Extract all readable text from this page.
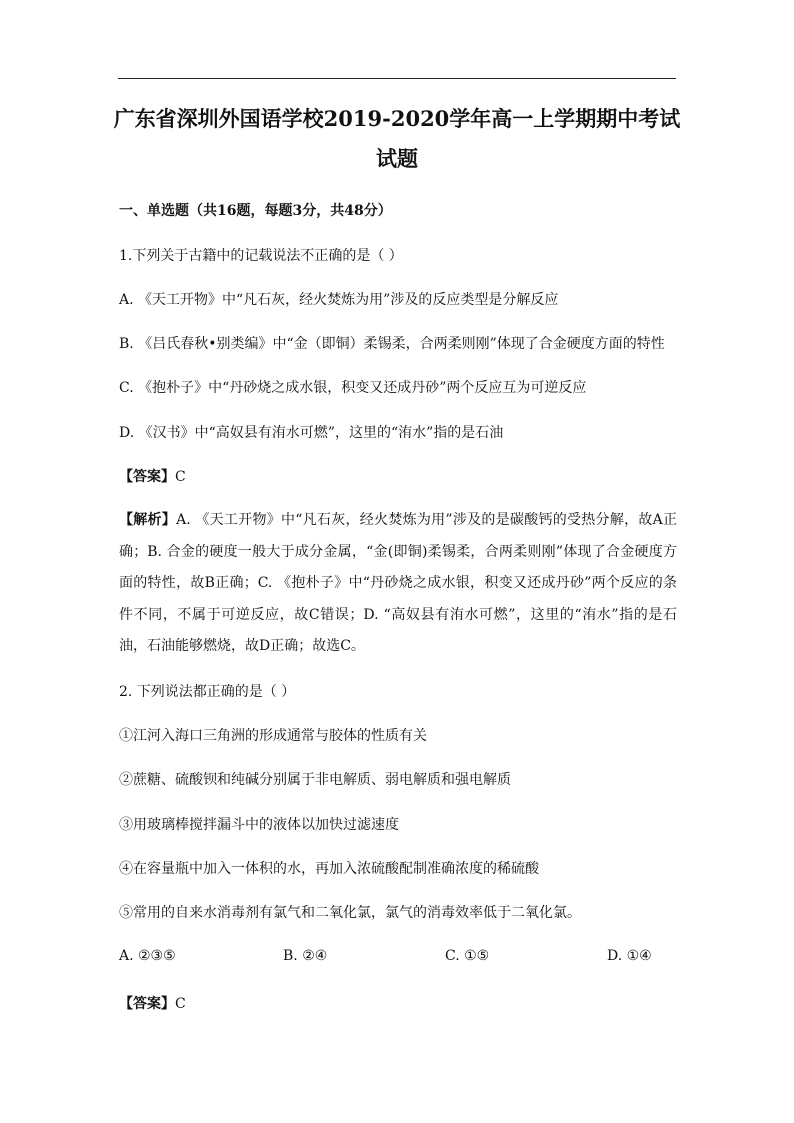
广东省深圳外国语学校2019-2020学年高一上学期期中考试
试题
一、单选题（共16题，每题3分，共48分）
1.下列关于古籍中的记载说法不正确的是（ ）
A. 《天工开物》中“凡石灰，经火焚炼为用”涉及的反应类型是分解反应
B. 《吕氏春秋•别类编》中“金（即铜）柔锡柔，合两柔则刚”体现了合金硬度方面的特性
C. 《抱朴子》中“丹砂烧之成水银，积变又还成丹砂”两个反应互为可逆反应
D. 《汉书》中“高奴县有洧水可燃”，这里的“洧水”指的是石油
【答案】C
【解析】A. 《天工开物》中“凡石灰，经火焚炼为用”涉及的是碳酸钙的受热分解，故A正确；B. 合金的硬度一般大于成分金属，“金(即铜)柔锡柔，合两柔则刚”体现了合金硬度方面的特性，故B正确；C. 《抱朴子》中“丹砂烧之成水银，积变又还成丹砂”两个反应的条件不同，不属于可逆反应，故C错误；D. “高奴县有洧水可燃”，这里的“洧水”指的是石油，石油能够燃烧，故D正确；故选C。
2. 下列说法都正确的是（ ）
①江河入海口三角洲的形成通常与胶体的性质有关
②蔗糖、硫酸钡和纯碱分别属于非电解质、弱电解质和强电解质
③用玻璃棒搅拌漏斗中的液体以加快过滤速度
④在容量瓶中加入一体积的水，再加入浓硫酸配制准确浓度的稀硫酸
⑤常用的自来水消毒剂有氯气和二氧化氯，氯气的消毒效率低于二氧化氯。
A. ②③⑤	B. ②④	C. ①⑤	D. ①④
【答案】C
